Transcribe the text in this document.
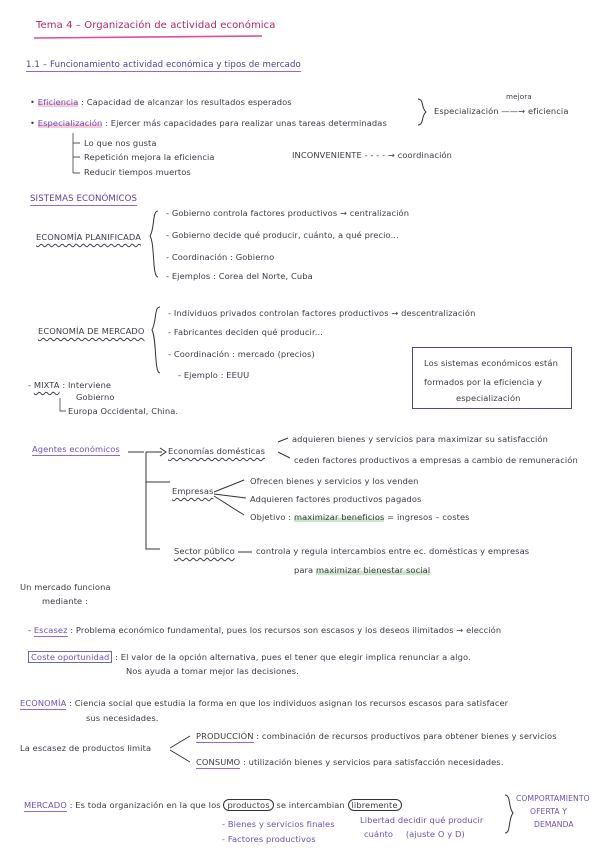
Tema 4 – Organización de actividad económica
1.1 – Funcionamiento actividad económica y tipos de mercado
• Eficiencia : Capacidad de alcanzar los resultados esperados
• Especialización : Ejercer más capacidades para realizar unas tareas determinadas
Lo que nos gusta
Repetición mejora la eficiencia
Reducir tiempos muertos
mejora
Especialización ——→ eficiencia
INCONVENIENTE - - - - → coordinación
SISTEMAS ECONÓMICOS
ECONOMÍA PLANIFICADA
- Gobierno controla factores productivos → centralización
- Gobierno decide qué producir, cuánto, a qué precio...
- Coordinación : Gobierno
- Ejemplos : Corea del Norte, Cuba
ECONOMÍA DE MERCADO
- Individuos privados controlan factores productivos → descentralización
- Fabricantes deciden qué producir...
- Coordinación : mercado (precios)
- Ejemplo : EEUU
- MIXTA : Interviene
Gobierno
Europa Occidental, China.
Los sistemas económicos están
formados por la eficiencia y
especialización
Agentes económicos	Economías domésticas
adquieren bienes y servicios para maximizar su satisfacción
ceden factores productivos a empresas a cambio de remuneración
Empresas
Ofrecen bienes y servicios y los venden
Adquieren factores productivos pagados
Objetivo : maximizar beneficios = ingresos – costes
Sector público	controla y regula intercambios entre ec. domésticas y empresas
para maximizar bienestar social
Un mercado funciona
mediante :
- Escasez : Problema económico fundamental, pues los recursos son escasos y los deseos ilimitados → elección
Coste oportunidad : El valor de la opción alternativa, pues el tener que elegir implica renunciar a algo.
Nos ayuda a tomar mejor las decisiones.
ECONOMÍA : Ciencia social que estudia la forma en que los individuos asignan los recursos escasos para satisfacer
sus necesidades.
La escasez de productos limita
PRODUCCIÓN : combinación de recursos productivos para obtener bienes y servicios
CONSUMO : utilización bienes y servicios para satisfacción necesidades.
MERCADO : Es toda organización en la que los productos se intercambian libremente
- Bienes y servicios finales
- Factores productivos
Libertad decidir qué producir
cuánto (ajuste O y D)
COMPORTAMIENTO
OFERTA Y
DEMANDA
